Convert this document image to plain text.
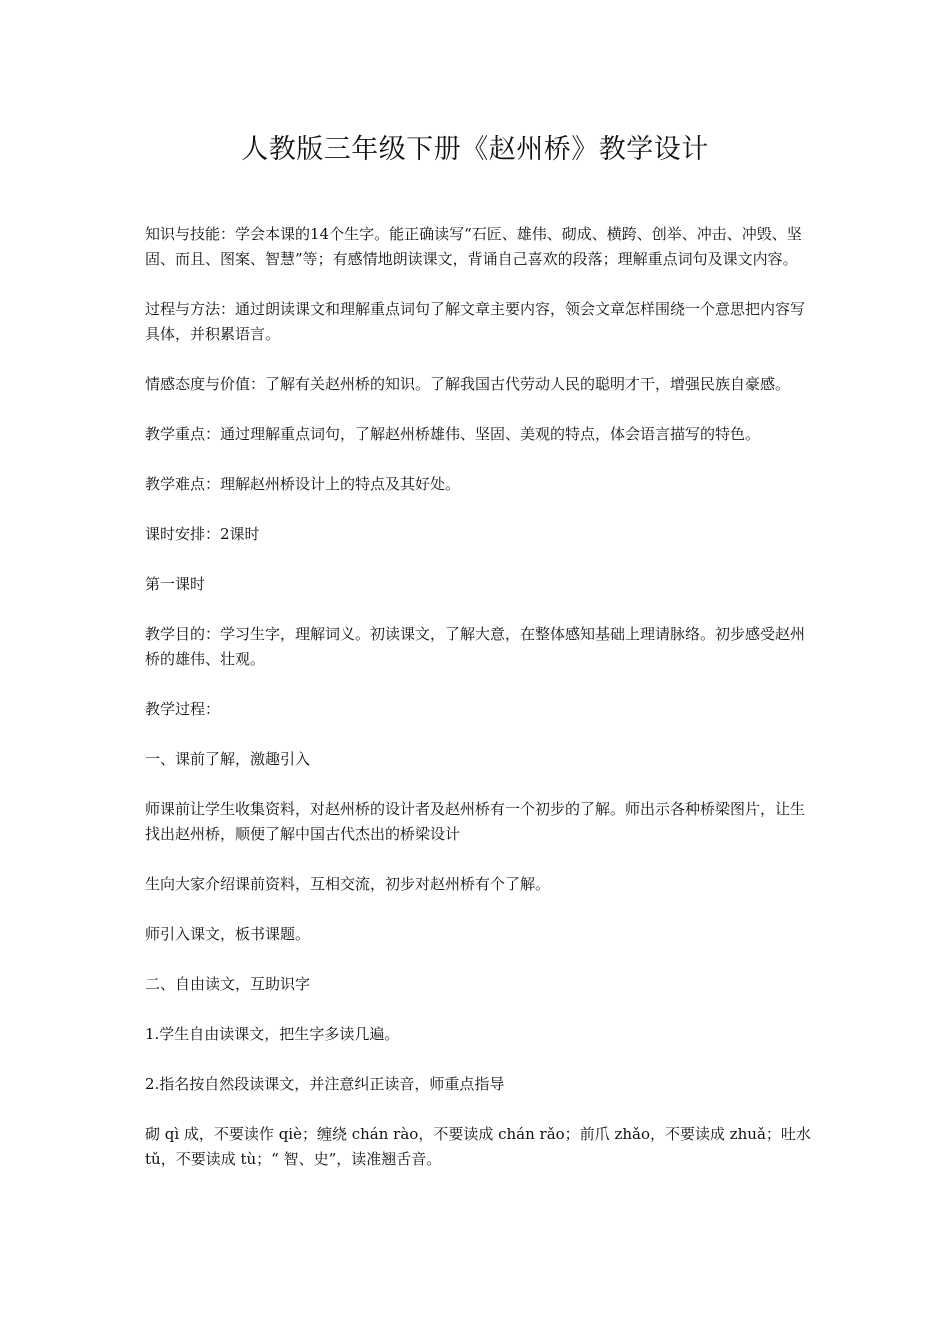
人教版三年级下册《赵州桥》教学设计

知识与技能：学会本课的14个生字。能正确读写“石匠、雄伟、砌成、横跨、创举、冲击、冲毁、坚固、而且、图案、智慧”等；有感情地朗读课文，背诵自己喜欢的段落；理解重点词句及课文内容。

过程与方法：通过朗读课文和理解重点词句了解文章主要内容，领会文章怎样围绕一个意思把内容写具体，并积累语言。

情感态度与价值：了解有关赵州桥的知识。了解我国古代劳动人民的聪明才干，增强民族自豪感。

教学重点：通过理解重点词句，了解赵州桥雄伟、坚固、美观的特点，体会语言描写的特色。

教学难点：理解赵州桥设计上的特点及其好处。

课时安排：2课时

第一课时

教学目的：学习生字，理解词义。初读课文，了解大意，在整体感知基础上理请脉络。初步感受赵州桥的雄伟、壮观。

教学过程：

一、课前了解，激趣引入

师课前让学生收集资料，对赵州桥的设计者及赵州桥有一个初步的了解。师出示各种桥梁图片，让生找出赵州桥，顺便了解中国古代杰出的桥梁设计

生向大家介绍课前资料，互相交流，初步对赵州桥有个了解。

师引入课文，板书课题。

二、自由读文，互助识字

1.学生自由读课文，把生字多读几遍。

2.指名按自然段读课文，并注意纠正读音，师重点指导

砌 qì 成，不要读作 qiè；缠绕 chán rào，不要读成 chán rǎo；前爪 zhǎo，不要读成 zhuǎ；吐水 tǔ，不要读成 tù；“ 智、史”，读准翘舌音。
